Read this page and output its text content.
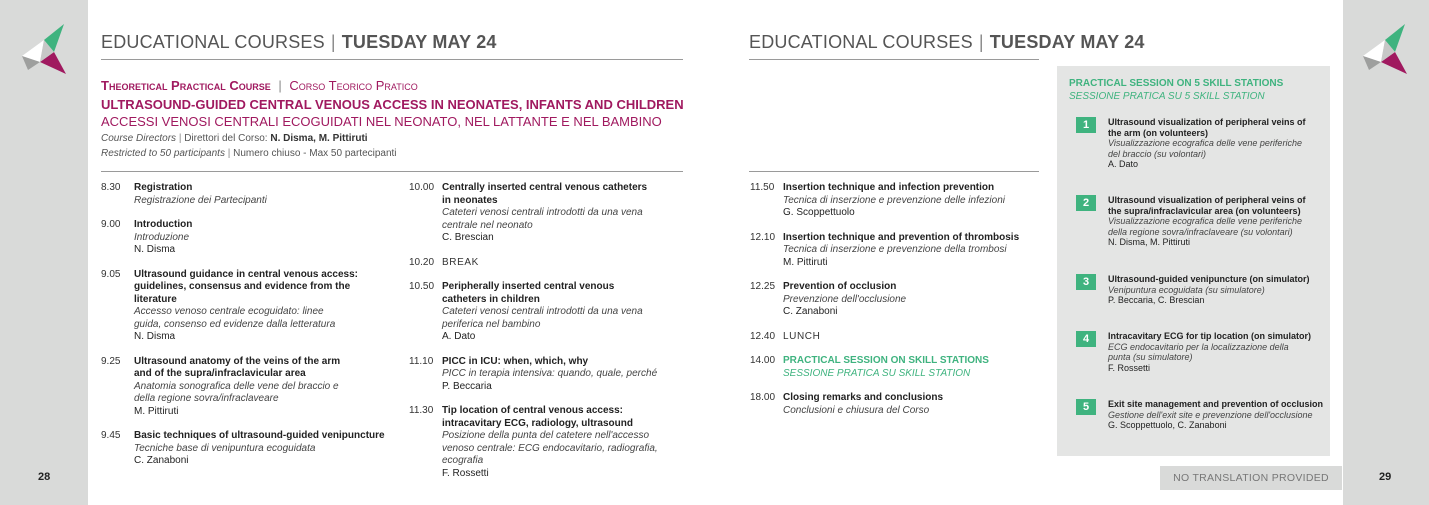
28	29
EDUCATIONAL COURSES | TUESDAY MAY 24	EDUCATIONAL COURSES | TUESDAY MAY 24
Theoretical Practical Course | Corso Teorico Pratico
ULTRASOUND-GUIDED CENTRAL VENOUS ACCESS IN NEONATES, INFANTS AND CHILDREN
ACCESSI VENOSI CENTRALI ECOGUIDATI NEL NEONATO, NEL LATTANTE E NEL BAMBINO
Course Directors | Direttori del Corso: N. Disma, M. Pittiruti
Restricted to 50 participants | Numero chiuso - Max 50 partecipanti
8.30 Registration
Registrazione dei Partecipanti
9.00 Introduction
Introduzione
N. Disma
9.05 Ultrasound guidance in central venous access: guidelines, consensus and evidence from the literature
Accesso venoso centrale ecoguidato: linee guida, consenso ed evidenze dalla letteratura
N. Disma
9.25 Ultrasound anatomy of the veins of the arm and of the supra/infraclavicular area
Anatomia sonografica delle vene del braccio e della regione sovra/infraclaveare
M. Pittiruti
9.45 Basic techniques of ultrasound-guided venipuncture
Tecniche base di venipuntura ecoguidata
C. Zanaboni
10.00 Centrally inserted central venous catheters in neonates
Cateteri venosi centrali introdotti da una vena centrale nel neonato
C. Brescian
10.20 BREAK
10.50 Peripherally inserted central venous catheters in children
Cateteri venosi centrali introdotti da una vena periferica nel bambino
A. Dato
11.10 PICC in ICU: when, which, why
PICC in terapia intensiva: quando, quale, perché
P. Beccaria
11.30 Tip location of central venous access: intracavitary ECG, radiology, ultrasound
Posizione della punta del catetere nell'accesso venoso centrale: ECG endocavitario, radiografia, ecografia
F. Rossetti
11.50 Insertion technique and infection prevention
Tecnica di inserzione e prevenzione delle infezioni
G. Scoppettuolo
12.10 Insertion technique and prevention of thrombosis
Tecnica di inserzione e prevenzione della trombosi
M. Pittiruti
12.25 Prevention of occlusion
Prevenzione dell'occlusione
C. Zanaboni
12.40 LUNCH
14.00 PRACTICAL SESSION ON SKILL STATIONS
SESSIONE PRATICA SU SKILL STATION
18.00 Closing remarks and conclusions
Conclusioni e chiusura del Corso
PRACTICAL SESSION ON 5 SKILL STATIONS
SESSIONE PRATICA SU 5 SKILL STATION
1	Ultrasound visualization of peripheral veins of the arm (on volunteers)
Visualizzazione ecografica delle vene periferiche del braccio (su volontari)
A. Dato
2	Ultrasound visualization of peripheral veins of the supra/infraclavicular area (on volunteers)
Visualizzazione ecografica delle vene periferiche della regione sovra/infraclaveare (su volontari)
N. Disma, M. Pittiruti
3	Ultrasound-guided venipuncture (on simulator)
Venipuntura ecoguidata (su simulatore)
P. Beccaria, C. Brescian
4	Intracavitary ECG for tip location (on simulator)
ECG endocavitario per la localizzazione della punta (su simulatore)
F. Rossetti
5	Exit site management and prevention of occlusion
Gestione dell'exit site e prevenzione dell'occlusione
G. Scoppettuolo, C. Zanaboni
NO TRANSLATION PROVIDED
